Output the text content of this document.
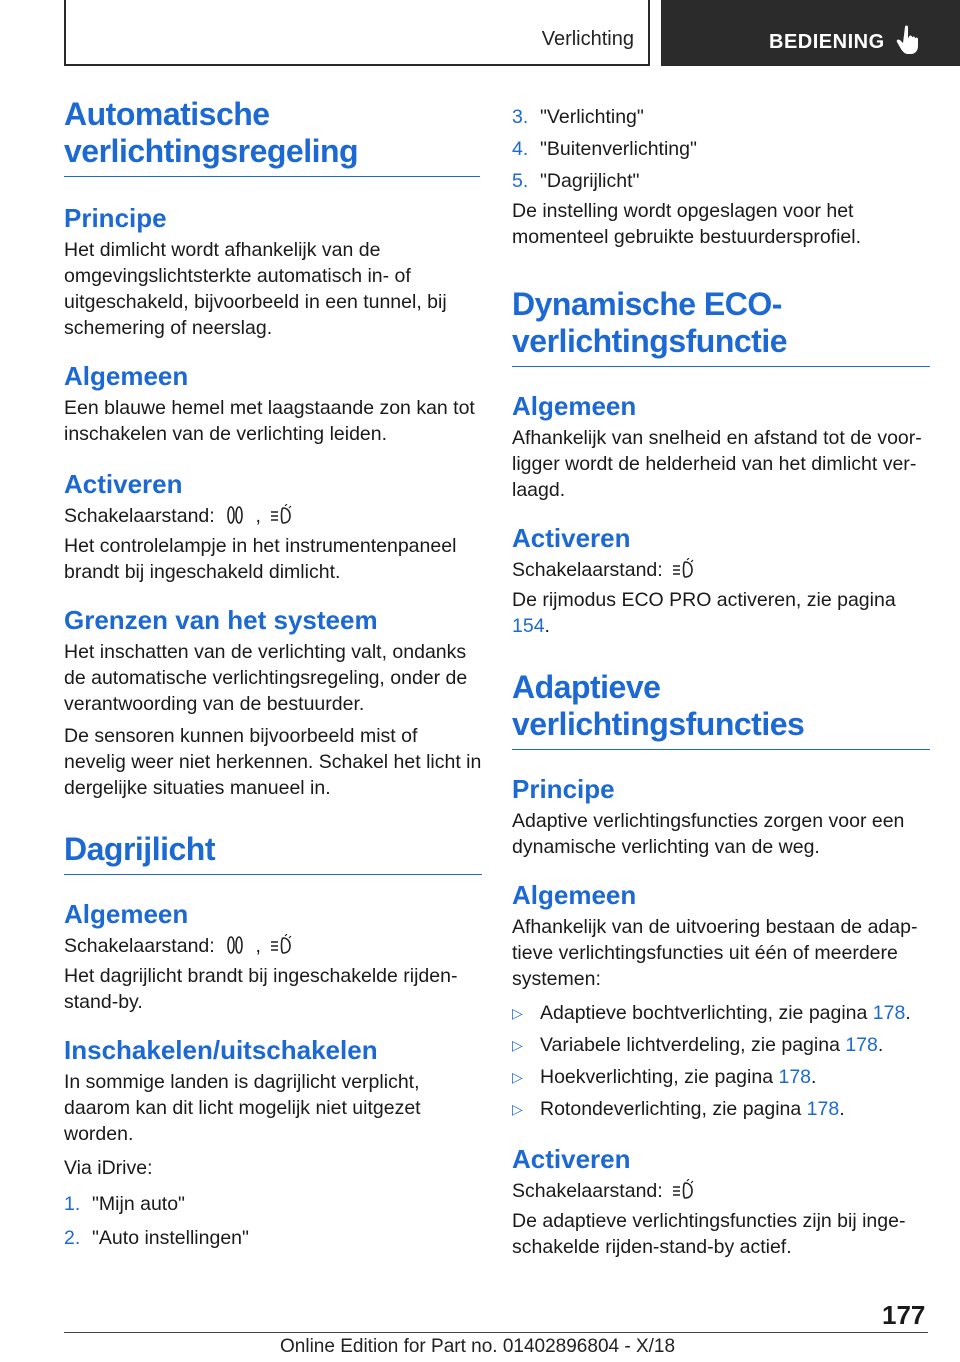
Verlichting	BEDIENING
Automatische verlichtingsregeling
Principe
Het dimlicht wordt afhankelijk van de omgevingslichtsterkte automatisch in- of uitgeschakeld, bijvoorbeeld in een tunnel, bij schemering of neerslag.
Algemeen
Een blauwe hemel met laagstaande zon kan tot inschakelen van de verlichting leiden.
Activeren
Schakelaarstand: ,
Het controlelampje in het instrumentenpaneel brandt bij ingeschakeld dimlicht.
Grenzen van het systeem
Het inschatten van de verlichting valt, ondanks de automatische verlichtingsregeling, onder de verantwoording van de bestuurder.
De sensoren kunnen bijvoorbeeld mist of nevelig weer niet herkennen. Schakel het licht in dergelijke situaties manueel in.
Dagrijlicht
Algemeen
Schakelaarstand: ,
Het dagrijlicht brandt bij ingeschakelde rijdenstand-by.
Inschakelen/uitschakelen
In sommige landen is dagrijlicht verplicht, daarom kan dit licht mogelijk niet uitgezet worden.
Via iDrive:
1. "Mijn auto"
2. "Auto instellingen"
3. "Verlichting"
4. "Buitenverlichting"
5. "Dagrijlicht"
De instelling wordt opgeslagen voor het momenteel gebruikte bestuurdersprofiel.
Dynamische ECO-verlichtingsfunctie
Algemeen
Afhankelijk van snelheid en afstand tot de voorligger wordt de helderheid van het dimlicht verlaagd.
Activeren
Schakelaarstand:
De rijmodus ECO PRO activeren, zie pagina 154.
Adaptieve verlichtingsfuncties
Principe
Adaptive verlichtingsfuncties zorgen voor een dynamische verlichting van de weg.
Algemeen
Afhankelijk van de uitvoering bestaan de adaptieve verlichtingsfuncties uit één of meerdere systemen:
▷ Adaptieve bochtverlichting, zie pagina 178.
▷ Variabele lichtverdeling, zie pagina 178.
▷ Hoekverlichting, zie pagina 178.
▷ Rotondeverlichting, zie pagina 178.
Activeren
Schakelaarstand:
De adaptieve verlichtingsfuncties zijn bij ingeschakelde rijden-stand-by actief.
177
Online Edition for Part no. 01402896804 - X/18
